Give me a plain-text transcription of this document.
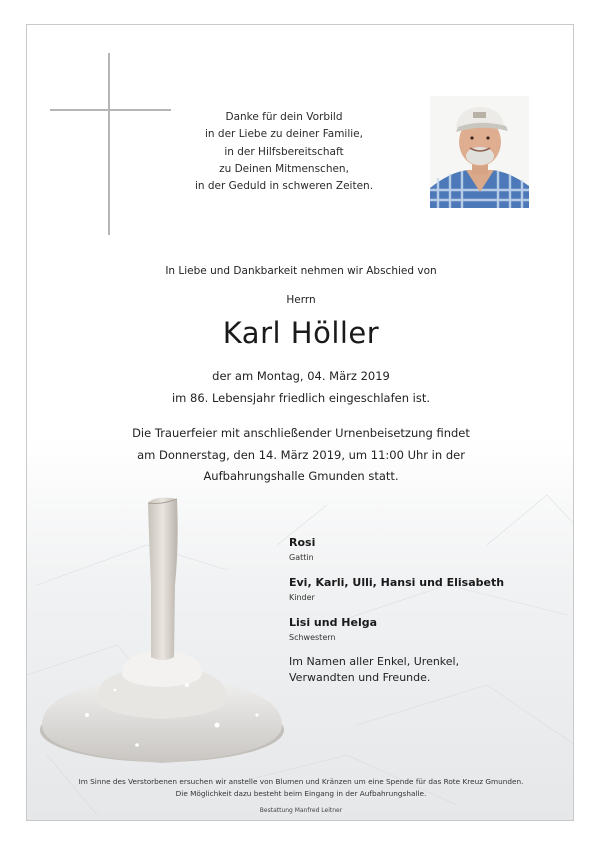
Danke für dein Vorbild
in der Liebe zu deiner Familie,
in der Hilfsbereitschaft
zu Deinen Mitmenschen,
in der Geduld in schweren Zeiten.
In Liebe und Dankbarkeit nehmen wir Abschied von
Herrn
Karl Höller
der am Montag, 04. März 2019
im 86. Lebensjahr friedlich eingeschlafen ist.
Die Trauerfeier mit anschließender Urnenbeisetzung findet
am Donnerstag, den 14. März 2019, um 11:00 Uhr in der
Aufbahrungshalle Gmunden statt.

Rosi

Gattin

Evi, Karli, Ulli, Hansi und Elisabeth

Kinder

Lisi und Helga

Schwestern

Im Namen aller Enkel, Urenkel,
Verwandten und Freunde.
Im Sinne des Verstorbenen ersuchen wir anstelle von Blumen und Kränzen um eine Spende für das Rote Kreuz Gmunden.
Die Möglichkeit dazu besteht beim Eingang in der Aufbahrungshalle.
Bestattung Manfred Leitner
